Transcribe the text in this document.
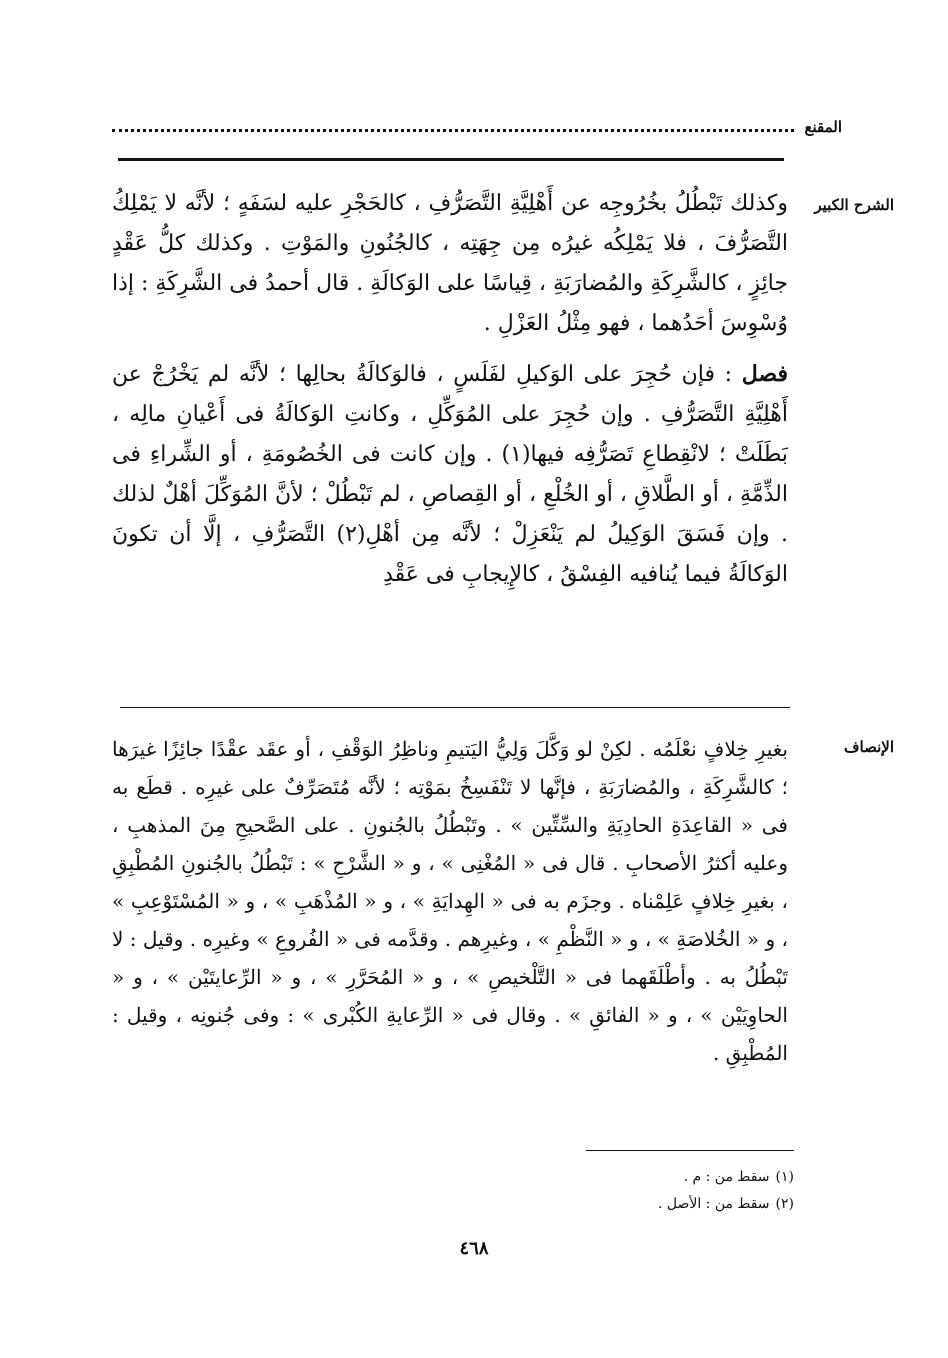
المقنع
الشرح الكبير

وكذلك تَبْطُلُ بخُرُوجِه عن أَهْلِيَّةِ التَّصَرُّفِ ، كالحَجْرِ عليه لسَفَهٍ ؛ لأنَّه لا يَمْلِكُ التَّصَرُّفَ ، فلا يَمْلِكُه غيرُه مِن جِهَتِه ، كالجُنُونِ والمَوْتِ . وكذلك كلُّ عَقْدٍ جائِزٍ ، كالشَّرِكَةِ والمُضارَبَةِ ، قِياسًا على الوَكالَةِ . قال أحمدُ فى الشَّرِكَةِ : إذا وُسْوِسَ أحَدُهما ، فهو مِثْلُ العَزْلِ .

فصل : فإن حُجِرَ على الوَكيلِ لفَلَسٍ ، فالوَكالَةُ بحالِها ؛ لأنَّه لم يَخْرُجْ عن أَهْلِيَّةِ التَّصَرُّفِ . وإن حُجِرَ على المُوَكِّلِ ، وكانتِ الوَكالَةُ فى أَعْيانِ مالِه ، بَطَلَتْ ؛ لانْقِطاعِ تَصَرُّفِه فيها(١) . وإن كانت فى الخُصُومَةِ ، أو الشِّراءِ فى الذِّمَّةِ ، أو الطَّلاقِ ، أو الخُلْعِ ، أو القِصاصِ ، لم تَبْطُلْ ؛ لأنَّ المُوَكِّلَ أهْلٌ لذلك . وإن فَسَقَ الوَكِيلُ لم يَنْعَزِلْ ؛ لأنَّه مِن أهْلِ(٢) التَّصَرُّفِ ، إلَّا أن تكونَ الوَكالَةُ فيما يُنافيه الفِسْقُ ، كالإِيجابِ فى عَقْدِ

الإنصاف

بغيرِ خِلافٍ نعْلَمُه . لكِنْ لو وَكَّلَ وَلِيُّ اليَتيمِ وناظِرُ الوَقْفِ ، أو عقَد عقْدًا جائِزًا غيرَها ؛ كالشَّرِكَةِ ، والمُضارَبَةِ ، فإنَّها لا تَنْفَسِخُ بمَوْتِه ؛ لأنَّه مُتَصَرِّفٌ على غيرِه . قطَع به فى « القاعِدَةِ الحادِيَةِ والسِّتِّين » . وتَبْطُلُ بالجُنونِ . على الصَّحيحِ مِنَ المذهبِ ، وعليه أكثرُ الأصحابِ . قال فى « المُغْنِى » ، و « الشَّرْحِ » : تَبْطُلُ بالجُنونِ المُطْبِقِ ، بغيرِ خِلافٍ عَلِمْناه . وجزَم به فى « الهِدايَةِ » ، و « المُذْهَبِ » ، و « المُسْتَوْعِبِ » ، و « الخُلاصَةِ » ، و « النَّظْمِ » ، وغيرِهم . وقدَّمه فى « الفُروعِ » وغيرِه . وقيل : لا تَبْطُلُ به . وأطْلَقَهما فى « التَّلْخيصِ » ، و « المُحَرَّرِ » ، و « الرِّعايتَيْن » ، و « الحاوِيَيْن » ، و « الفائقِ » . وقال فى « الرِّعايةِ الكُبْرى » : وفى جُنونِه ، وقيل : المُطْبِقِ .

(١)سقط من : م .
(٢)سقط من : الأصل .
٤٦٨
